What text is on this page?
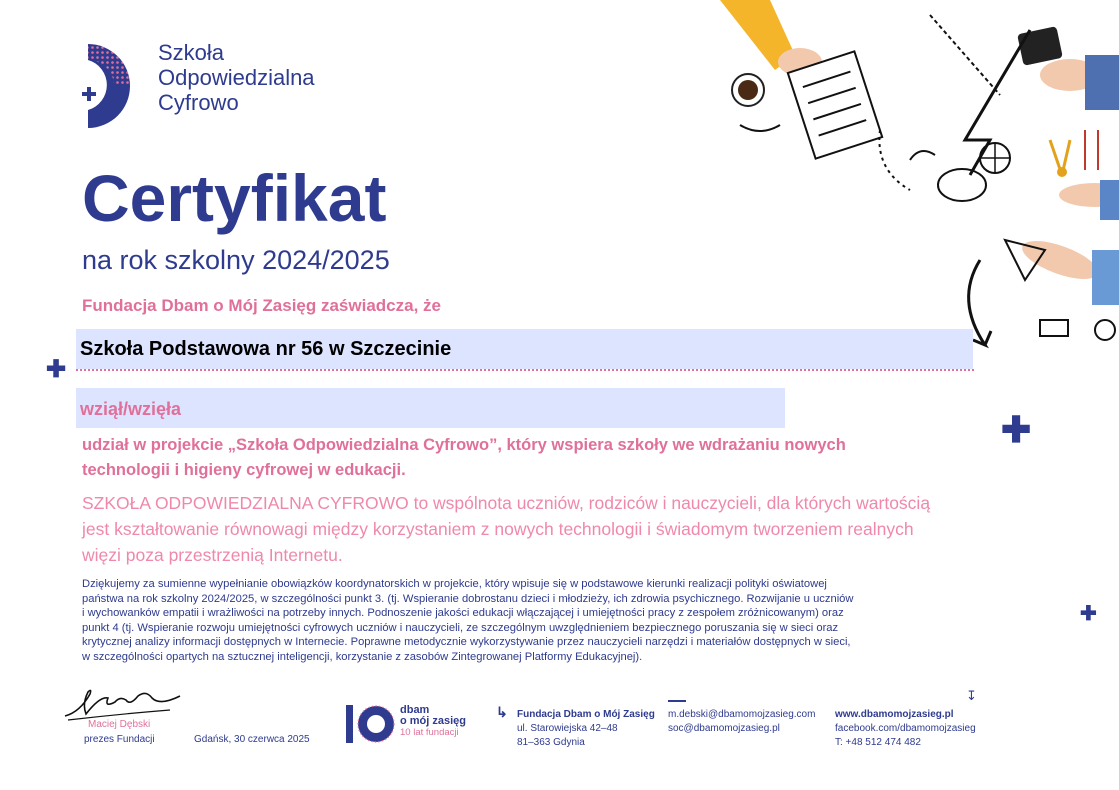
Szkoła
Odpowiedzialna
Cyfrowo
Certyfikat
na rok szkolny 2024/2025
Fundacja Dbam o Mój Zasięg zaświadcza, że
Szkoła Podstawowa nr 56 w Szczecinie
✚
wziął/wzięła
udział w projekcie „Szkoła Odpowiedzialna Cyfrowo”, który wspiera szkoły we wdrażaniu nowych
technologii i higieny cyfrowej w edukacji.
✚
SZKOŁA ODPOWIEDZIALNA CYFROWO to wspólnota uczniów, rodziców i nauczycieli, dla których wartością
jest kształtowanie równowagi między korzystaniem z nowych technologii i świadomym tworzeniem realnych
więzi poza przestrzenią Internetu.
Dziękujemy za sumienne wypełnianie obowiązków koordynatorskich w projekcie, który wpisuje się w podstawowe kierunki realizacji polityki oświatowej
państwa na rok szkolny 2024/2025, w szczególności punkt 3. (tj. Wspieranie dobrostanu dzieci i młodzieży, ich zdrowia psychicznego. Rozwijanie u uczniów
i wychowanków empatii i wrażliwości na potrzeby innych. Podnoszenie jakości edukacji włączającej i umiejętności pracy z zespołem zróżnicowanym) oraz
punkt 4 (tj. Wspieranie rozwoju umiejętności cyfrowych uczniów i nauczycieli, ze szczególnym uwzględnieniem bezpiecznego poruszania się w sieci oraz
krytycznej analizy informacji dostępnych w Internecie. Poprawne metodycznie wykorzystywanie przez nauczycieli narzędzi i materiałów dostępnych w sieci,
w szczególności opartych na sztucznej inteligencji, korzystanie z zasobów Zintegrowanej Platformy Edukacyjnej).
✚
Maciej Dębski
prezes Fundacji	Gdańsk, 30 czerwca 2025
dbam
o mój zasięg
10 lat fundacji
↳ Fundacja Dbam o Mój Zasięg
ul. Starowiejska 42–48
81–363 Gdynia
m.debski@dbamomojzasieg.com
soc@dbamomojzasieg.pl
↧
www.dbamomojzasieg.pl
facebook.com/dbamomojzasieg
T: +48 512 474 482
